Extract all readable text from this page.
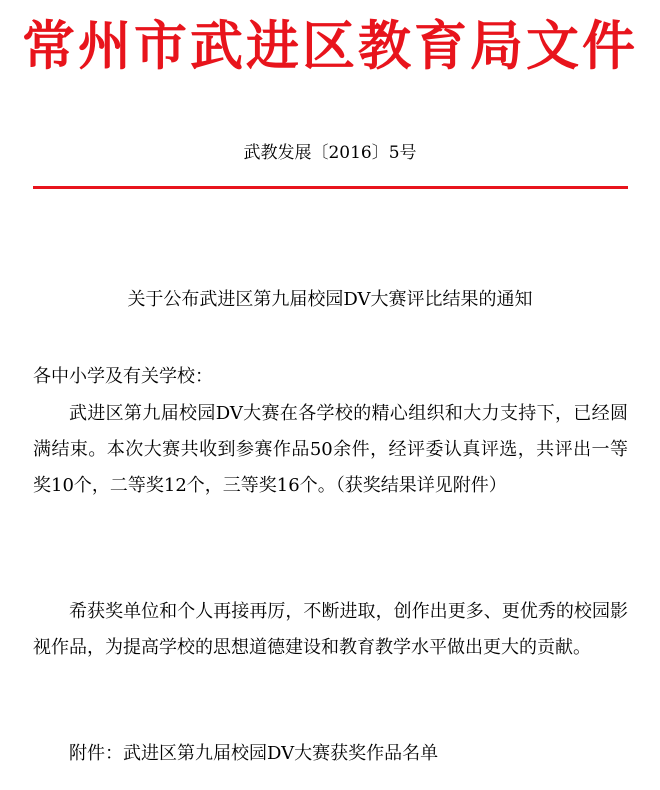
常州市武进区教育局文件
武教发展〔2016〕5号
关于公布武进区第九届校园DV大赛评比结果的通知
各中小学及有关学校：
武进区第九届校园DV大赛在各学校的精心组织和大力支持下，已经圆满结束。本次大赛共收到参赛作品50余件，经评委认真评选，共评出一等奖10个，二等奖12个，三等奖16个。（获奖结果详见附件）
希获奖单位和个人再接再厉，不断进取，创作出更多、更优秀的校园影视作品，为提高学校的思想道德建设和教育教学水平做出更大的贡献。
附件：武进区第九届校园DV大赛获奖作品名单
